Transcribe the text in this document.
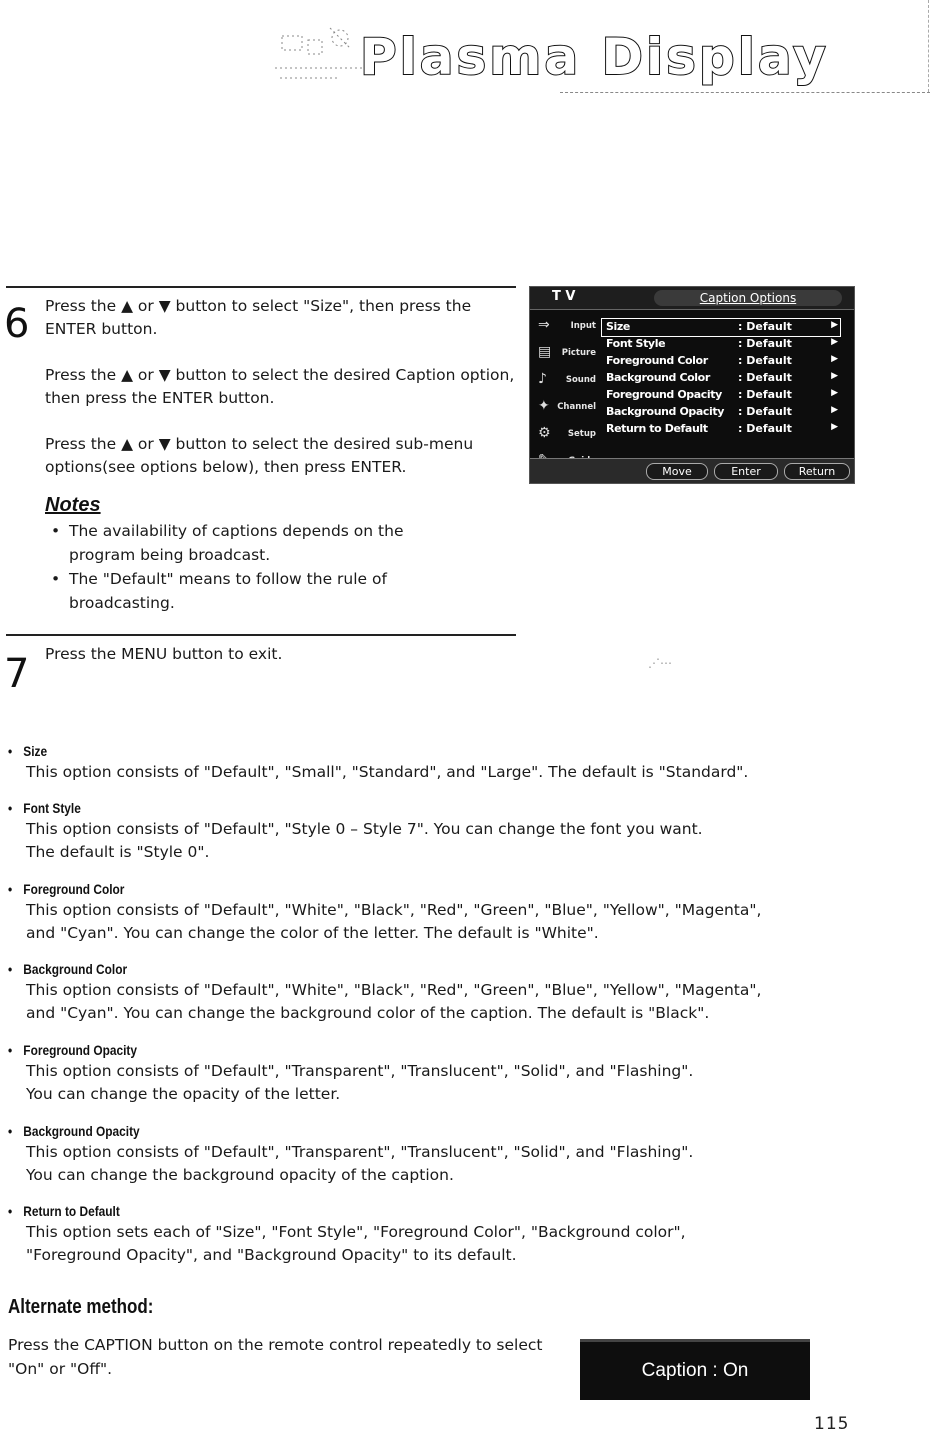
Plasma Display
6 Press the ▲ or ▼ button to select "Size", then press the ENTER button.

Press the ▲ or ▼ button to select the desired Caption option, then press the ENTER button.

Press the ▲ or ▼ button to select the desired sub-menu options(see options below), then press ENTER.

Notes
• The availability of captions depends on the program being broadcast.
• The "Default" means to follow the rule of broadcasting.
T V	Caption Options
⇒ Input
▤ Picture
♪ Sound
✦ Channel
⚙ Setup
Size	: Default	▶
Font Style	: Default	▶
Foreground Color	: Default	▶
Background Color	: Default	▶
Foreground Opacity : Default	▶
Background Opacity : Default	▶
Return to Default	: Default	▶
Move	Enter	Return
7 Press the MENU button to exit.	⋰⋯
• Size
This option consists of "Default", "Small", "Standard", and "Large". The default is "Standard".
• Font Style
This option consists of "Default", "Style 0 – Style 7". You can change the font you want.
The default is "Style 0".
• Foreground Color
This option consists of "Default", "White", "Black", "Red", "Green", "Blue", "Yellow", "Magenta",
and "Cyan". You can change the color of the letter. The default is "White".
• Background Color
This option consists of "Default", "White", "Black", "Red", "Green", "Blue", "Yellow", "Magenta",
and "Cyan". You can change the background color of the caption. The default is "Black".
• Foreground Opacity
This option consists of "Default", "Transparent", "Translucent", "Solid", and "Flashing".
You can change the opacity of the letter.
• Background Opacity
This option consists of "Default", "Transparent", "Translucent", "Solid", and "Flashing".
You can change the background opacity of the caption.
• Return to Default
This option sets each of "Size", "Font Style", "Foreground Color", "Background color",
"Foreground Opacity", and "Background Opacity" to its default.
Alternate method:
Press the CAPTION button on the remote control repeatedly to select "On" or "Off".	Caption : On
115
